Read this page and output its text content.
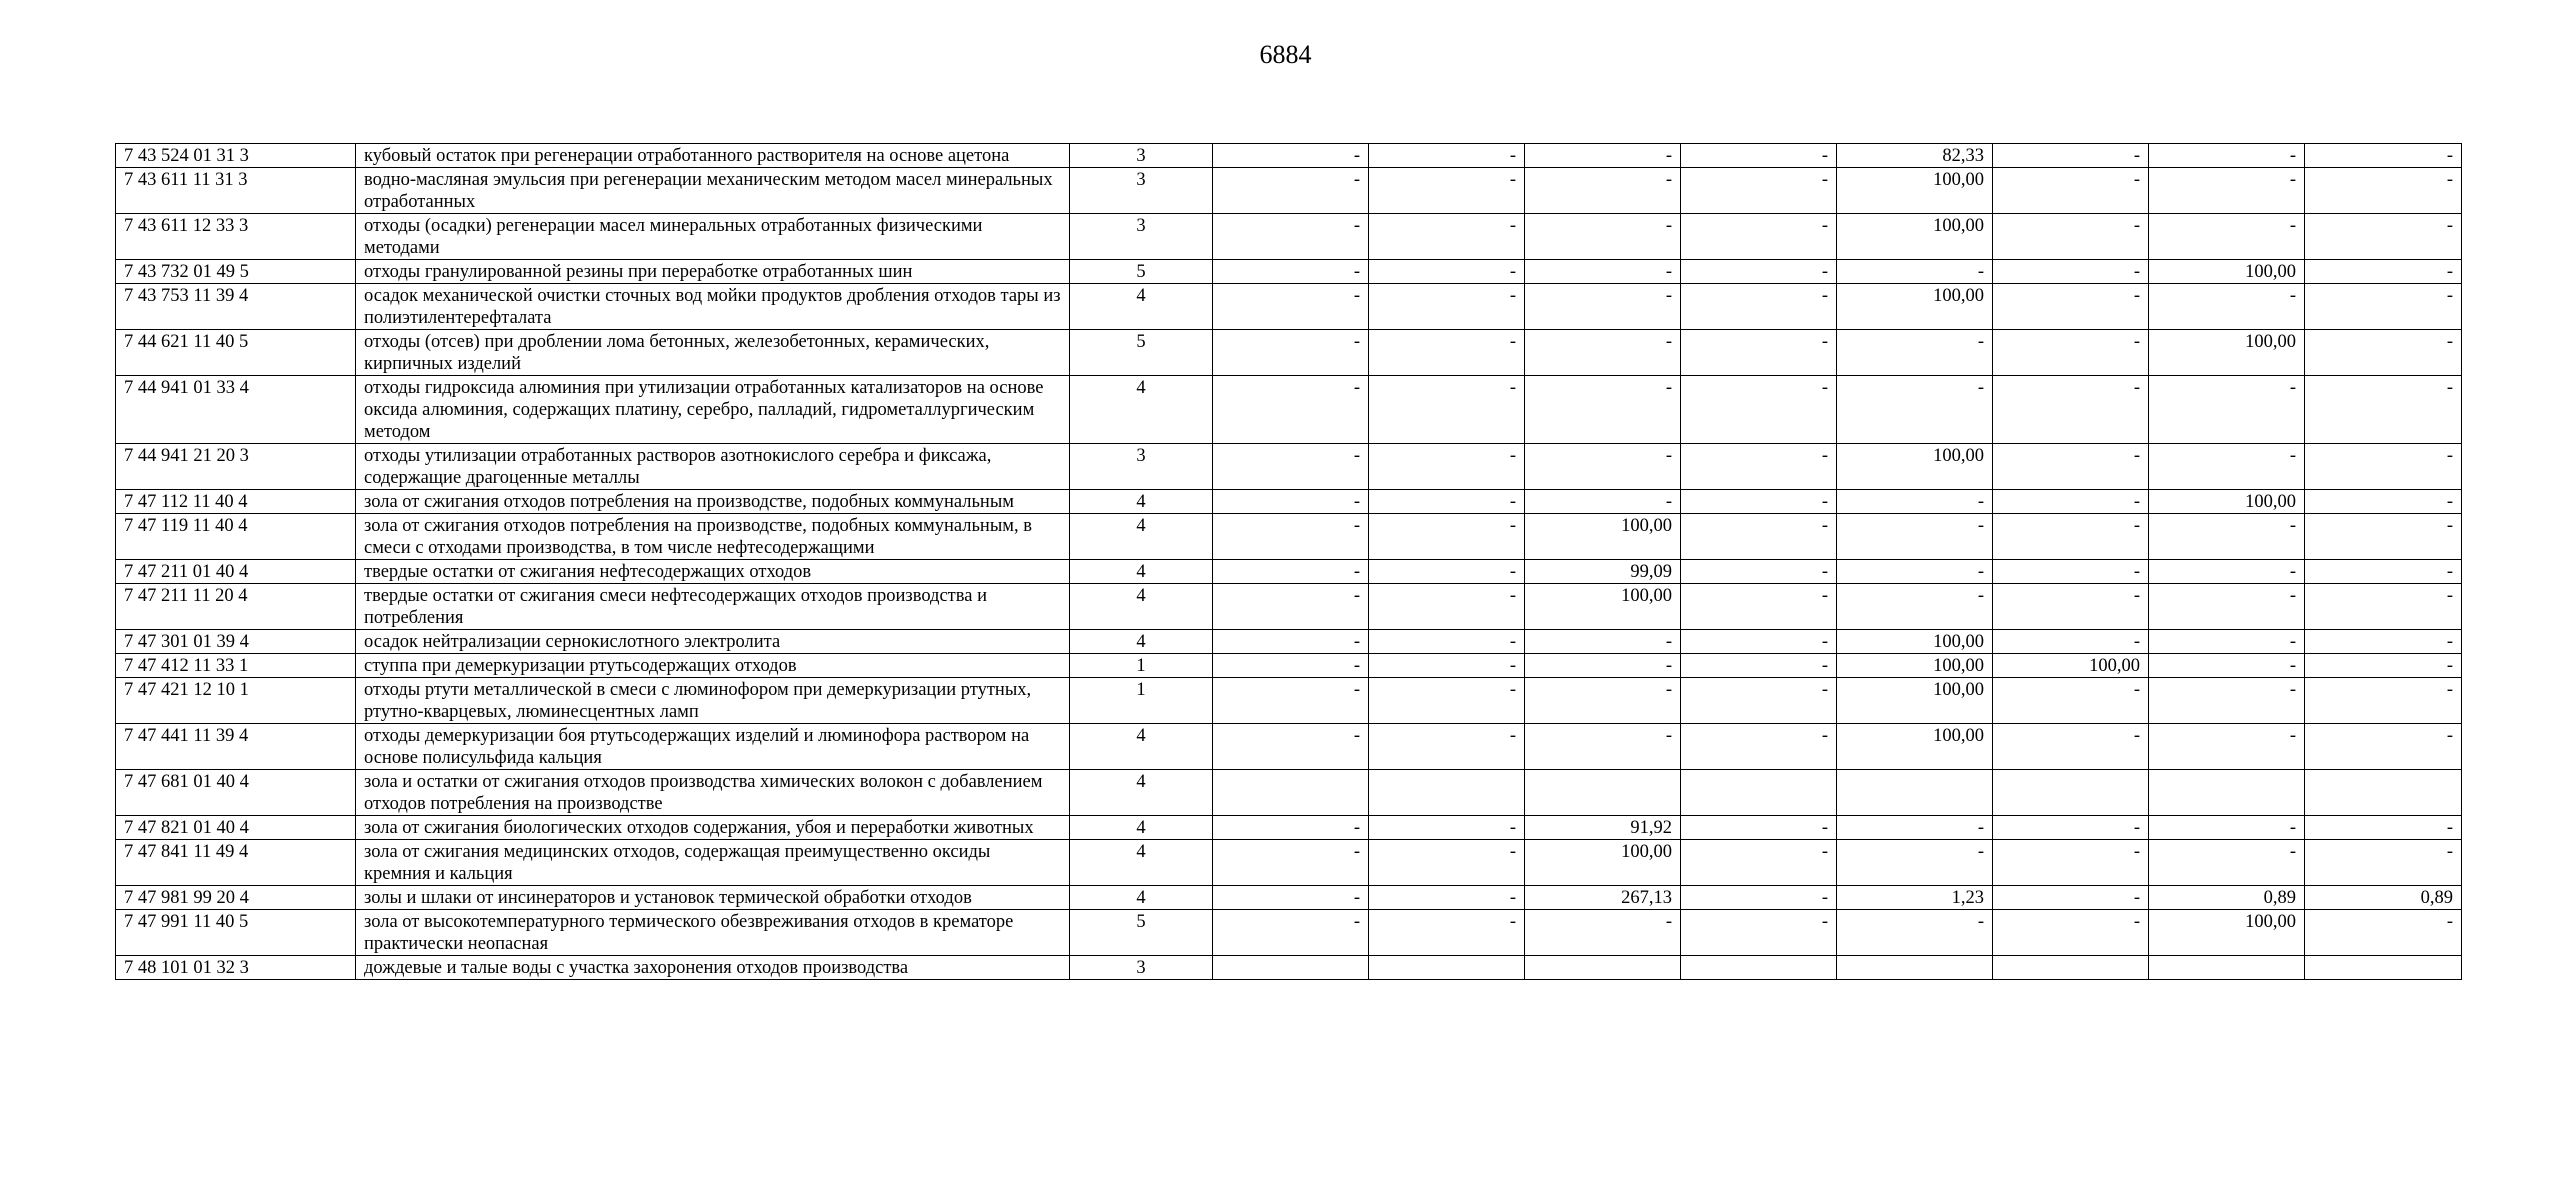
6884
7 43 524 01 31 3	кубовый остаток при регенерации отработанного растворителя на основе ацетона	3	-	-	-	-	82,33	-	-	-
7 43 611 11 31 3	водно-масляная эмульсия при регенерации механическим методом масел минеральных отработанных	3	-	-	-	-	100,00	-	-	-
7 43 611 12 33 3	отходы (осадки) регенерации масел минеральных отработанных физическими методами	3	-	-	-	-	100,00	-	-	-
7 43 732 01 49 5	отходы гранулированной резины при переработке отработанных шин	5	-	-	-	-	-	-	100,00	-
7 43 753 11 39 4	осадок механической очистки сточных вод мойки продуктов дробления отходов тары из полиэтилентерефталата	4	-	-	-	-	100,00	-	-	-
7 44 621 11 40 5	отходы (отсев) при дроблении лома бетонных, железобетонных, керамических, кирпичных изделий	5	-	-	-	-	-	-	100,00	-
7 44 941 01 33 4	отходы гидроксида алюминия при утилизации отработанных катализаторов на основе оксида алюминия, содержащих платину, серебро, палладий, гидрометаллургическим методом	4	-	-	-	-	-	-	-	-
7 44 941 21 20 3	отходы утилизации отработанных растворов азотнокислого серебра и фиксажа, содержащие драгоценные металлы	3	-	-	-	-	100,00	-	-	-
7 47 112 11 40 4	зола от сжигания отходов потребления на производстве, подобных коммунальным	4	-	-	-	-	-	-	100,00	-
7 47 119 11 40 4	зола от сжигания отходов потребления на производстве, подобных коммунальным, в смеси с отходами производства, в том числе нефтесодержащими	4	-	-	100,00	-	-	-	-	-
7 47 211 01 40 4	твердые остатки от сжигания нефтесодержащих отходов	4	-	-	99,09	-	-	-	-	-
7 47 211 11 20 4	твердые остатки от сжигания смеси нефтесодержащих отходов производства и потребления	4	-	-	100,00	-	-	-	-	-
7 47 301 01 39 4	осадок нейтрализации сернокислотного электролита	4	-	-	-	-	100,00	-	-	-
7 47 412 11 33 1	ступпа при демеркуризации ртутьсодержащих отходов	1	-	-	-	-	100,00	100,00	-	-
7 47 421 12 10 1	отходы ртути металлической в смеси с люминофором при демеркуризации ртутных, ртутно-кварцевых, люминесцентных ламп	1	-	-	-	-	100,00	-	-	-
7 47 441 11 39 4	отходы демеркуризации боя ртутьсодержащих изделий и люминофора раствором на основе полисульфида кальция	4	-	-	-	-	100,00	-	-	-
7 47 681 01 40 4	зола и остатки от сжигания отходов производства химических волокон с добавлением отходов потребления на производстве	4								
7 47 821 01 40 4	зола от сжигания биологических отходов содержания, убоя и переработки животных	4	-	-	91,92	-	-	-	-	-
7 47 841 11 49 4	зола от сжигания медицинских отходов, содержащая преимущественно оксиды кремния и кальция	4	-	-	100,00	-	-	-	-	-
7 47 981 99 20 4	золы и шлаки от инсинераторов и установок термической обработки отходов	4	-	-	267,13	-	1,23	-	0,89	0,89
7 47 991 11 40 5	зола от высокотемпературного термического обезвреживания отходов в крематоре практически неопасная	5	-	-	-	-	-	-	100,00	-
7 48 101 01 32 3	дождевые и талые воды с участка захоронения отходов производства	3								
